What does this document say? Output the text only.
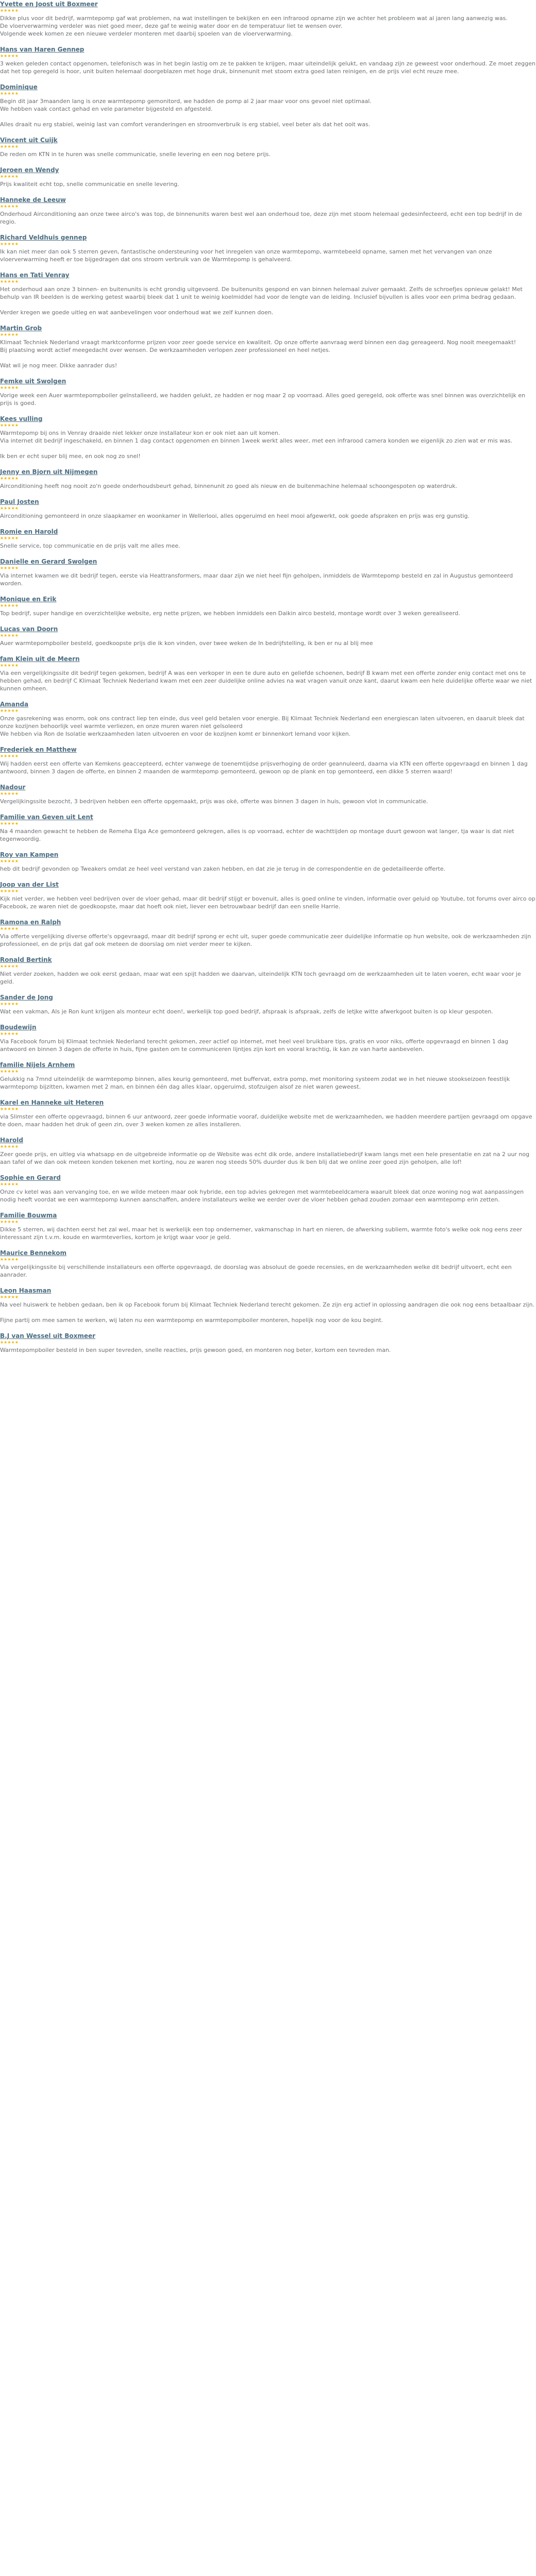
Yvette en Joost uit Boxmeer
★★★★★

Dikke plus voor dit bedrijf, warmtepomp gaf wat problemen, na wat instellingen te bekijken en een infrarood opname zijn we achter het probleem wat al jaren lang aanwezig was.
De vloerverwarming verdeler was niet goed meer, deze gaf te weinig water door en de temperatuur liet te wensen over.
Volgende week komen ze een nieuwe verdeler monteren met daarbij spoelen van de vloerverwarming.

Hans van Haren Gennep
★★★★★

3 weken geleden contact opgenomen, telefonisch was in het begin lastig om ze te pakken te krijgen, maar uiteindelijk gelukt, en vandaag zijn ze geweest voor onderhoud. Ze moet zeggen dat het top geregeld is hoor, unit buiten helemaal doorgeblazen met hoge druk, binnenunit met stoom extra goed laten reinigen, en de prijs viel echt reuze mee.

Dominique
★★★★★

Begin dit jaar 3maanden lang is onze warmtepomp gemonitord, we hadden de pomp al 2 jaar maar voor ons gevoel niet optimaal.
We hebben vaak contact gehad en vele parameter bijgesteld en afgesteld.

Alles draait nu erg stabiel, weinig last van comfort veranderingen en stroomverbruik is erg stabiel, veel beter als dat het ooit was.

Vincent uit Cuijk
★★★★★

De reden om KTN in te huren was snelle communicatie, snelle levering en een nog betere prijs.

Jeroen en Wendy
★★★★★

Prijs kwaliteit echt top, snelle communicatie en snelle levering.

Hanneke de Leeuw
★★★★★

Onderhoud Airconditioning aan onze twee airco's was top, de binnenunits waren best wel aan onderhoud toe, deze zijn met stoom helemaal gedesinfecteerd, echt een top bedrijf in de regio.

Richard Veldhuis gennep
★★★★★

Ik kan niet meer dan ook 5 sterren geven, fantastische ondersteuning voor het inregelen van onze warmtepomp, warmtebeeld opname, samen met het vervangen van onze vloerverwarming heeft er toe bijgedragen dat ons stroom verbruik van de Warmtepomp is gehalveerd.

Hans en Tati Venray
★★★★★

Het onderhoud aan onze 3 binnen- en buitenunits is echt grondig uitgevoerd. De buitenunits gespond en van binnen helemaal zuiver gemaakt. Zelfs de schroefjes opnieuw gelakt! Met behulp van IR beelden is de werking getest waarbij bleek dat 1 unit te weinig koelmiddel had voor de lengte van de leiding. Inclusief bijvullen is alles voor een prima bedrag gedaan.

Verder kregen we goede uitleg en wat aanbevelingen voor onderhoud wat we zelf kunnen doen.

Martin Grob
★★★★★

Klimaat Techniek Nederland vraagt marktconforme prijzen voor zeer goede service en kwaliteit. Op onze offerte aanvraag werd binnen een dag gereageerd. Nog nooit meegemaakt!
Bij plaatsing wordt actief meegedacht over wensen. De werkzaamheden verlopen zeer professioneel en heel netjes.

Wat wil je nog meer. Dikke aanrader dus!

Femke uit Swolgen
★★★★★

Vorige week een Auer warmtepompboiler geïnstalleerd, we hadden gelukt, ze hadden er nog maar 2 op voorraad. Alles goed geregeld, ook offerte was snel binnen was overzichtelijk en prijs is goed.

Kees vulling
★★★★★

Warmtepomp bij ons in Venray draaide niet lekker onze installateur kon er ook niet aan uit komen.
Via internet dit bedrijf ingeschakeld, en binnen 1 dag contact opgenomen en binnen 1week werkt alles weer, met een infrarood camera konden we eigenlijk zo zien wat er mis was.

Ik ben er echt super blij mee, en ook nog zo snel!

Jenny en Bjorn uit Nijmegen
★★★★★

Airconditioning heeft nog nooit zo'n goede onderhoudsbeurt gehad, binnenunit zo goed als nieuw en de buitenmachine helemaal schoongespoten op waterdruk.

Paul Josten
★★★★★

Airconditioning gemonteerd in onze slaapkamer en woonkamer in Wellerlooi, alles opgeruimd en heel mooi afgewerkt, ook goede afspraken en prijs was erg gunstig.

Romie en Harold
★★★★★

Snelle service, top communicatie en de prijs valt me alles mee.

Danielle en Gerard Swolgen
★★★★★

Via internet kwamen we dit bedrijf tegen, eerste via Heattransformers, maar daar zijn we niet heel fijn geholpen, inmiddels de Warmtepomp besteld en zal in Augustus gemonteerd worden.

Monique en Erik
★★★★★

Top bedrijf, super handige en overzichtelijke website, erg nette prijzen, we hebben inmiddels een Daikin airco besteld, montage wordt over 3 weken gerealiseerd.

Lucas van Doorn
★★★★★

Auer warmtepompboiler besteld, goedkoopste prijs die ik kon vinden, over twee weken de In bedrijfstelling, ik ben er nu al blij mee

fam Klein uit de Meern
★★★★★

Via een vergelijkingssite dit bedrijf tegen gekomen, bedrijf A was een verkoper in een te dure auto en geliefde schoenen, bedrijf B kwam met een offerte zonder enig contact met ons te hebben gehad, en bedrijf C Klimaat Techniek Nederland kwam met een zeer duidelijke online advies na wat vragen vanuit onze kant, daarut kwam een hele duidelijke offerte waar we niet kunnen omheen.

Amanda
★★★★★

Onze gasrekening was enorm, ook ons contract liep ten einde, dus veel geld betalen voor energie. Bij Klimaat Techniek Nederland een energiescan laten uitvoeren, en daaruit bleek dat onze kozijnen behoorlijk veel warmte verliezen, en onze muren waren niet geïsoleerd
We hebben via Ron de Isolatie werkzaamheden laten uitvoeren en voor de kozijnen komt er binnenkort lemand voor kijken.

Frederiek en Matthew
★★★★★

Wij hadden eerst een offerte van Kemkens geaccepteerd, echter vanwege de toenemtijdse prijsverhoging de order geannuleerd, daarna via KTN een offerte opgevraagd en binnen 1 dag antwoord, binnen 3 dagen de offerte, en binnen 2 maanden de warmtepomp gemonteerd, gewoon op de plank en top gemonteerd, een dikke 5 sterren waard!

Nadour
★★★★★

Vergelijkingssite bezocht, 3 bedrijven hebben een offerte opgemaakt, prijs was okė, offerte was binnen 3 dagen in huis, gewoon vlot in communicatie.

Familie van Geven uit Lent
★★★★★

Na 4 maanden gewacht te hebben de Remeha Elga Ace gemonteerd gekregen, alles is op voorraad, echter de wachttijden op montage duurt gewoon wat langer, tja waar is dat niet tegenwoordig.

Roy van Kampen
★★★★★

heb dit bedrijf gevonden op Tweakers omdat ze heel veel verstand van zaken hebben, en dat zie je terug in de correspondentie en de gedetailleerde offerte.

Joop van der List
★★★★★

Kijk niet verder, we hebben veel bedrijven over de vloer gehad, maar dit bedrijf stijgt er bovenuit, alles is goed online te vinden, informatie over geluid op Youtube, tot forums over airco op Facebook, ze waren niet de goedkoopste, maar dat hoeft ook niet, liever een betrouwbaar bedrijf dan een snelle Harrie.

Ramona en Ralph
★★★★★

Via offerte vergelijking diverse offerte's opgevraagd, maar dit bedrijf sprong er echt uit, super goede communicatie zeer duidelijke informatie op hun website, ook de werkzaamheden zijn professioneel, en de prijs dat gaf ook meteen de doorslag om niet verder meer te kijken.

Ronald Bertink
★★★★★

Niet verder zoeken, hadden we ook eerst gedaan, maar wat een spijt hadden we daarvan, uiteindelijk KTN toch gevraagd om de werkzaamheden uit te laten voeren, echt waar voor je geld.

Sander de Jong
★★★★★

Wat een vakman, Als je Ron kunt krijgen als monteur echt doen!, werkelijk top goed bedrijf, afspraak is afspraak, zelfs de letjke witte afwerkgoot buiten is op kleur gespoten.

Boudewijn
★★★★★

Via Facebook forum bij Klimaat techniek Nederland terecht gekomen, zeer actief op internet, met heel veel bruikbare tips, gratis en voor niks, offerte opgevraagd en binnen 1 dag antwoord en binnen 3 dagen de offerte in huis, fijne gasten om te communiceren lijntjes zijn kort en vooral krachtig, ik kan ze van harte aanbevelen.

familie Nijels Arnhem
★★★★★

Gelukkig na 7mnd uiteindelijk de warmtepomp binnen, alles keurig gemonteerd, met buffervat, extra pomp, met monitoring systeem zodat we in het nieuwe stookseizoen feestlijk warmtepomp bijzitten, kwamen met 2 man, en binnen één dag alles klaar, opgeruimd, stofzuigen alsof ze niet waren geweest.

Karel en Hanneke uit Heteren
★★★★★

via Slimster een offerte opgevraagd, binnen 6 uur antwoord, zeer goede informatie vooraf, duidelijke website met de werkzaamheden, we hadden meerdere partijen gevraagd om opgave te doen, maar hadden het druk of geen zin, over 3 weken komen ze alles installeren.

Harold
★★★★★

Zeer goede prijs, en uitleg via whatsapp en de uitgebreide informatie op de Website was echt dik orde, andere installatiebedrijf kwam langs met een hele presentatie en zat na 2 uur nog aan tafel of we dan ook meteen konden tekenen met korting, nou ze waren nog steeds 50% duurder dus ik ben blij dat we online zeer goed zijn geholpen, alle lof!

Sophie en Gerard
★★★★★

Onze cv ketel was aan vervanging toe, en we wilde meteen maar ook hybride, een top advies gekregen met warmtebeeldcamera waaruit bleek dat onze woning nog wat aanpassingen nodig heeft voordat we een warmtepomp kunnen aanschaffen, andere installateurs welke we eerder over de vloer hebben gehad zouden zomaar een warmtepomp erin zetten.

Familie Bouwma
★★★★★

Dikke 5 sterren, wij dachten eerst het zal wel, maar het is werkelijk een top ondernemer, vakmanschap in hart en nieren, de afwerking subliem, warmte foto's welke ook nog eens zeer interessant zijn t.v.m. koude en warmteverlies, kortom je krijgt waar voor je geld.

Maurice Bennekom
★★★★★

Via vergelijkingssite bij verschillende installateurs een offerte opgevraagd, de doorslag was absoluut de goede recensies, en de werkzaamheden welke dit bedrijf uitvoert, echt een aanrader.

Leon Haasman
★★★★★

Na veel huiswerk te hebben gedaan, ben ik op Facebook forum bij Klimaat Techniek Nederland terecht gekomen. Ze zijn erg actief in oplossing aandragen die ook nog eens betaalbaar zijn.

Fijne partij om mee samen te werken, wij laten nu een warmtepomp en warmtepompboiler monteren, hopelijk nog voor de kou begint.

B.J van Wessel uit Boxmeer
★★★★★

Warmtepompboiler besteld in ben super tevreden, snelle reacties, prijs gewoon goed, en monteren nog beter, kortom een tevreden man.
